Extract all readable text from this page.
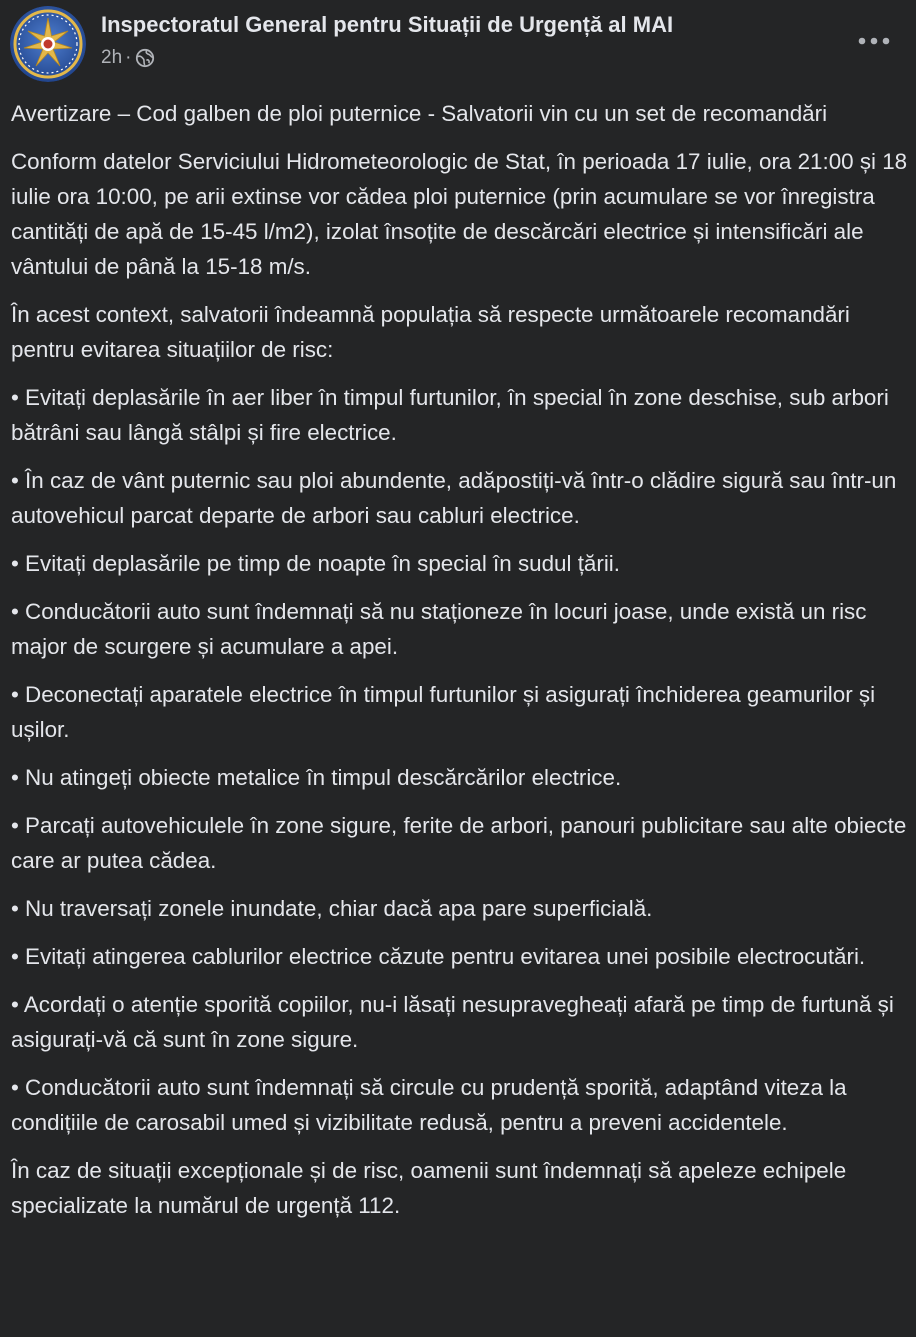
Inspectoratul General pentru Situații de Urgență al MAI
2h ·

Avertizare – Cod galben de ploi puternice - Salvatorii vin cu un set de recomandări

Conform datelor Serviciului Hidrometeorologic de Stat, în perioada 17 iulie, ora 21:00 și 18 iulie ora 10:00, pe arii extinse vor cădea ploi puternice (prin acumulare se vor înregistra cantități de apă de 15-45 l/m2), izolat însoțite de descărcări electrice și intensificări ale vântului de până la 15-18 m/s.

În acest context, salvatorii îndeamnă populația să respecte următoarele recomandări pentru evitarea situațiilor de risc:

• Evitați deplasările în aer liber în timpul furtunilor, în special în zone deschise, sub arbori bătrâni sau lângă stâlpi și fire electrice.

• În caz de vânt puternic sau ploi abundente, adăpostiți-vă într-o clădire sigură sau într-un autovehicul parcat departe de arbori sau cabluri electrice.

• Evitați deplasările pe timp de noapte în special în sudul țării.

• Conducătorii auto sunt îndemnați să nu staționeze în locuri joase, unde există un risc major de scurgere și acumulare a apei.

• Deconectați aparatele electrice în timpul furtunilor și asigurați închiderea geamurilor și ușilor.

• Nu atingeți obiecte metalice în timpul descărcărilor electrice.

• Parcați autovehiculele în zone sigure, ferite de arbori, panouri publicitare sau alte obiecte care ar putea cădea.

• Nu traversați zonele inundate, chiar dacă apa pare superficială.

• Evitați atingerea cablurilor electrice căzute pentru evitarea unei posibile electrocutări.

• Acordați o atenție sporită copiilor, nu-i lăsați nesupravegheați afară pe timp de furtună și asigurați-vă că sunt în zone sigure.

• Conducătorii auto sunt îndemnați să circule cu prudență sporită, adaptând viteza la condițiile de carosabil umed și vizibilitate redusă, pentru a preveni accidentele.

În caz de situații excepționale și de risc, oamenii sunt îndemnați să apeleze echipele specializate la numărul de urgență 112.
